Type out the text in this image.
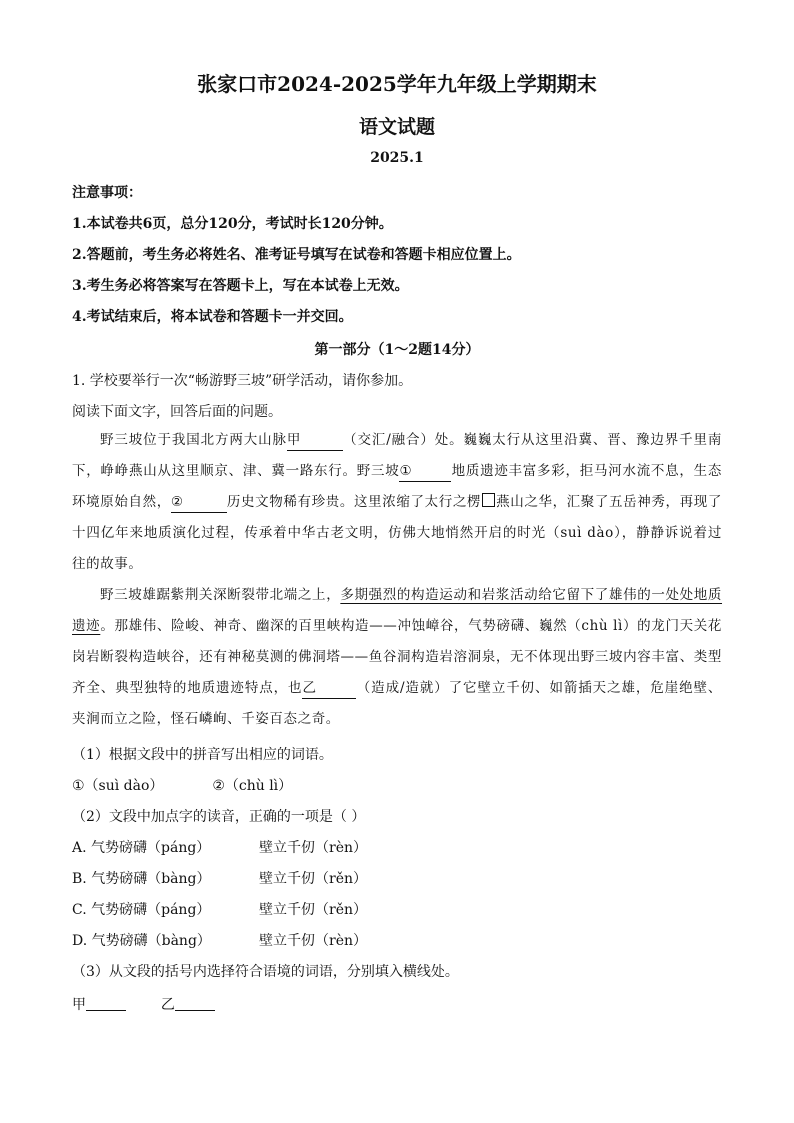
张家口市2024-2025学年九年级上学期期末
语文试题
2025.1
注意事项：
1.本试卷共6页，总分120分，考试时长120分钟。
2.答题前，考生务必将姓名、准考证号填写在试卷和答题卡相应位置上。
3.考生务必将答案写在答题卡上，写在本试卷上无效。
4.考试结束后，将本试卷和答题卡一并交回。
第一部分（1～2题14分）
1. 学校要举行一次“畅游野三坡”研学活动，请你参加。
阅读下面文字，回答后面的问题。

野三坡位于我国北方两大山脉甲	（交汇/融合）处。巍巍太行从这里沿冀、晋、豫边界千里南下，峥峥燕山从这里顺京、津、冀一路东行。野三坡①	地质遗迹丰富多彩，拒马河水流不息，生态环境原始自然，②	历史文物稀有珍贵。这里浓缩了太行之楞 燕山之华，汇聚了五岳神秀，再现了十四亿年来地质演化过程，传承着中华古老文明，仿佛大地悄然开启的时光（suì dào），静静诉说着过往的故事。

野三坡雄踞紫荆关深断裂带北端之上，多期强烈的构造运动和岩浆活动给它留下了雄伟的一处处地质遗迹。那雄伟、险峻、神奇、幽深的百里峡构造——冲蚀嶂谷，气势磅礴、巍然（chù lì）的龙门天关花岗岩断裂构造峡谷，还有神秘莫测的佛洞塔——鱼谷洞构造岩溶洞泉，无不体现出野三坡内容丰富、类型齐全、典型独特的地质遗迹特点，也乙	（造成/造就）了它壁立千仞、如箭插天之雄，危崖绝壁、夹涧而立之险，怪石嶙峋、千姿百态之奇。

（1）根据文段中的拼音写出相应的词语。
①（suì dào）	②（chù lì）
（2）文段中加点字的读音，正确的一项是（ ）
A. 气势磅礴（páng）	壁立千仞（rèn）
B. 气势磅礴（bàng）	壁立千仞（rěn）
C. 气势磅礴（páng）	壁立千仞（rěn）
D. 气势磅礴（bàng）	壁立千仞（rèn）
（3）从文段的括号内选择符合语境的词语，分别填入横线处。
甲	乙
